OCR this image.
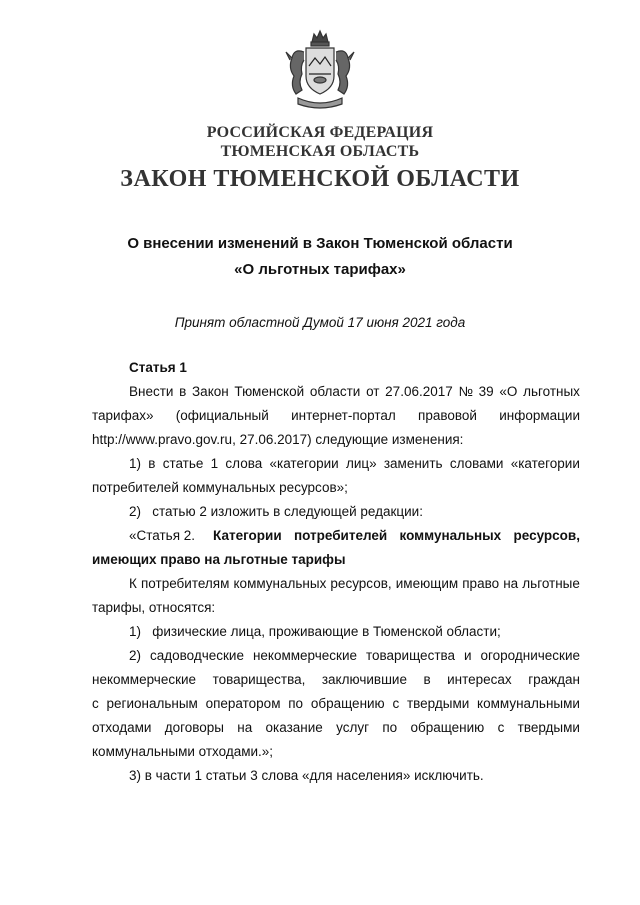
РОССИЙСКАЯ ФЕДЕРАЦИЯ
ТЮМЕНСКАЯ ОБЛАСТЬ
ЗАКОН ТЮМЕНСКОЙ ОБЛАСТИ
О внесении изменений в Закон Тюменской области
«О льготных тарифах»
Принят областной Думой 17 июня 2021 года
Статья 1
Внести в Закон Тюменской области от 27.06.2017 № 39 «О льготных
тарифах» (официальный интернет-портал правовой информации
http://www.pravo.gov.ru, 27.06.2017) следующие изменения:
1) в статье 1 слова «категории лиц» заменить словами «категории
потребителей коммунальных ресурсов»;
2)   статью 2 изложить в следующей редакции:
«Статья 2. Категории потребителей коммунальных ресурсов,
имеющих право на льготные тарифы
К потребителям коммунальных ресурсов, имеющим право на льготные
тарифы, относятся:
1)   физические лица, проживающие в Тюменской области;
2) садоводческие некоммерческие товарищества и огороднические
некоммерческие товарищества, заключившие в интересах граждан
с региональным оператором по обращению с твердыми коммунальными
отходами договоры на оказание услуг по обращению с твердыми
коммунальными отходами.»;
3) в части 1 статьи 3 слова «для населения» исключить.
